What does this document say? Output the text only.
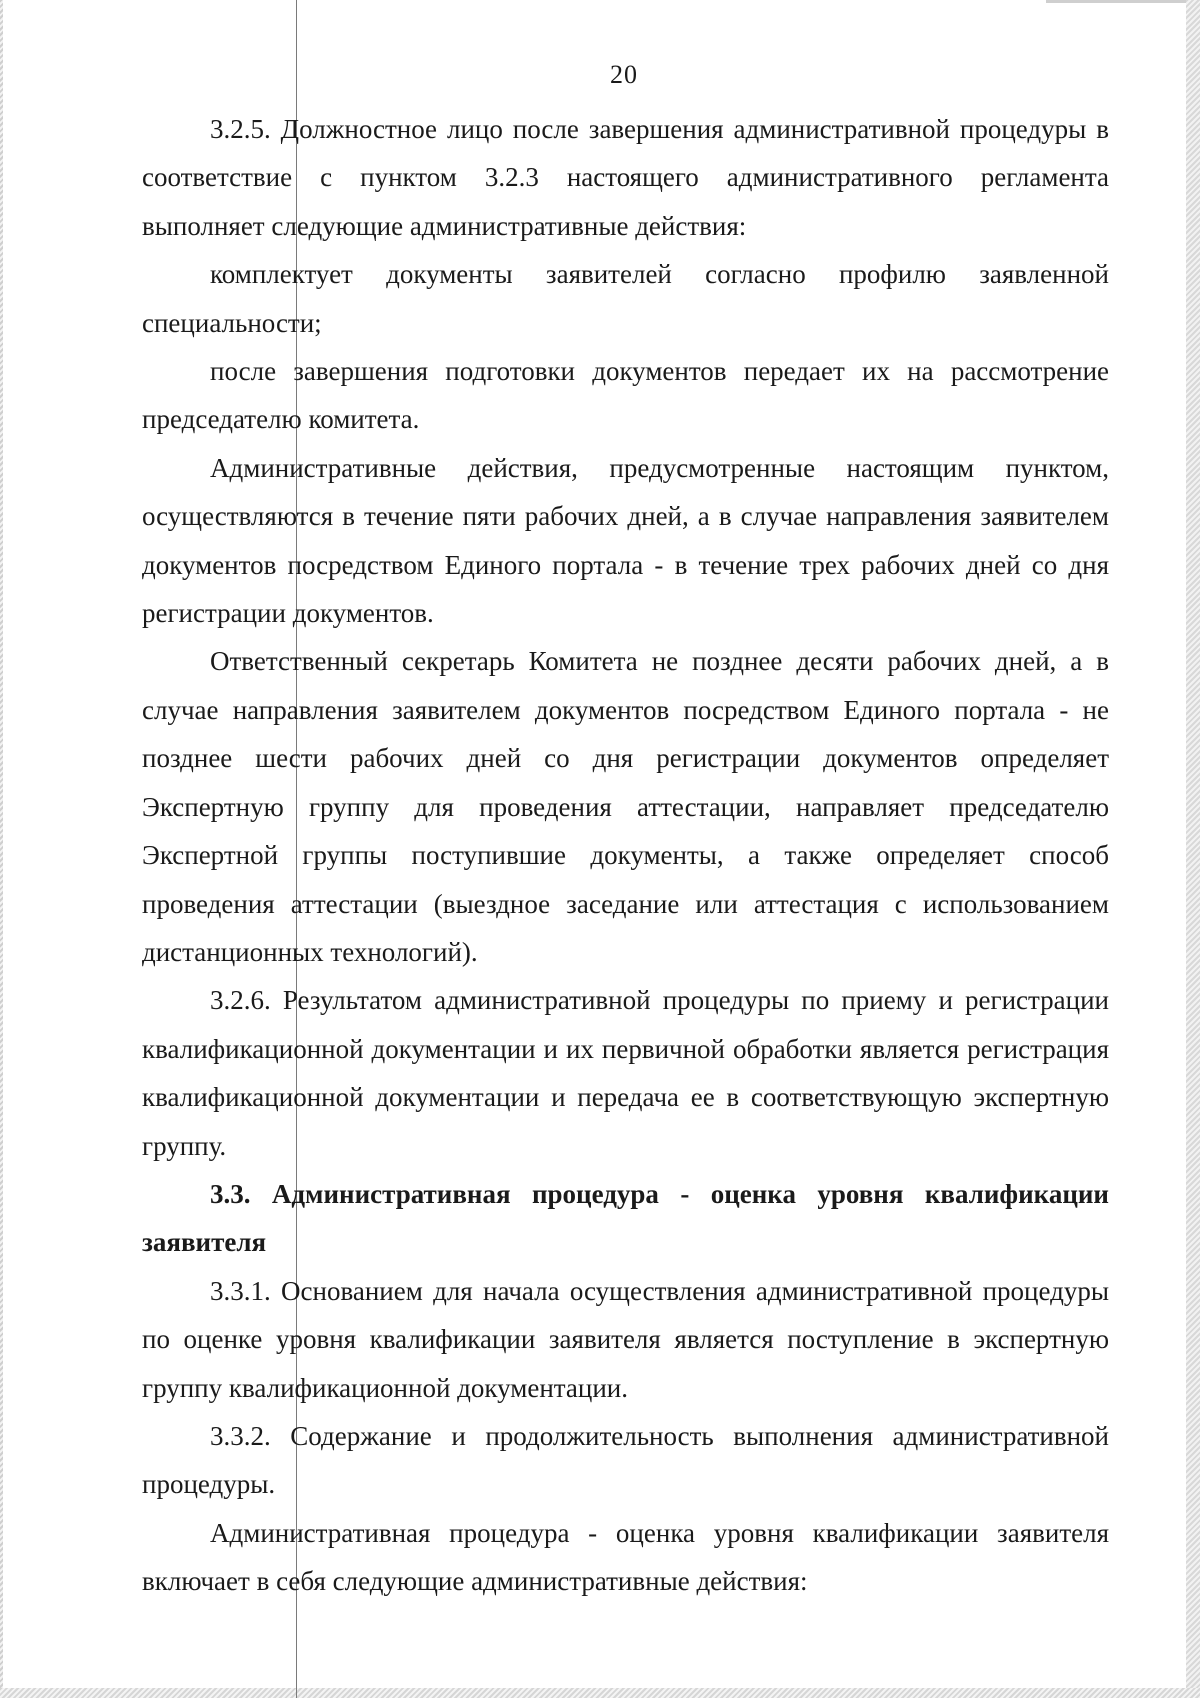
20

3.2.5. Должностное лицо после завершения административной процедуры в соответствие с пунктом 3.2.3 настоящего административного регламента выполняет следующие административные действия:

комплектует документы заявителей согласно профилю заявленной специальности;

после завершения подготовки документов передает их на рассмотрение председателю комитета.

Административные действия, предусмотренные настоящим пунктом, осуществляются в течение пяти рабочих дней, а в случае направления заявителем документов посредством Единого портала - в течение трех рабочих дней со дня регистрации документов.

Ответственный секретарь Комитета не позднее десяти рабочих дней, а в случае направления заявителем документов посредством Единого портала - не позднее шести рабочих дней со дня регистрации документов определяет Экспертную группу для проведения аттестации, направляет председателю Экспертной группы поступившие документы, а также определяет способ проведения аттестации (выездное заседание или аттестация с использованием дистанционных технологий).

3.2.6. Результатом административной процедуры по приему и регистрации квалификационной документации и их первичной обработки является регистрация квалификационной документации и передача ее в соответствующую экспертную группу.

3.3. Административная процедура - оценка уровня квалификации заявителя

3.3.1. Основанием для начала осуществления административной процедуры по оценке уровня квалификации заявителя является поступление в экспертную группу квалификационной документации.

3.3.2. Содержание и продолжительность выполнения административной процедуры.

Административная процедура - оценка уровня квалификации заявителя включает в себя следующие административные действия:
